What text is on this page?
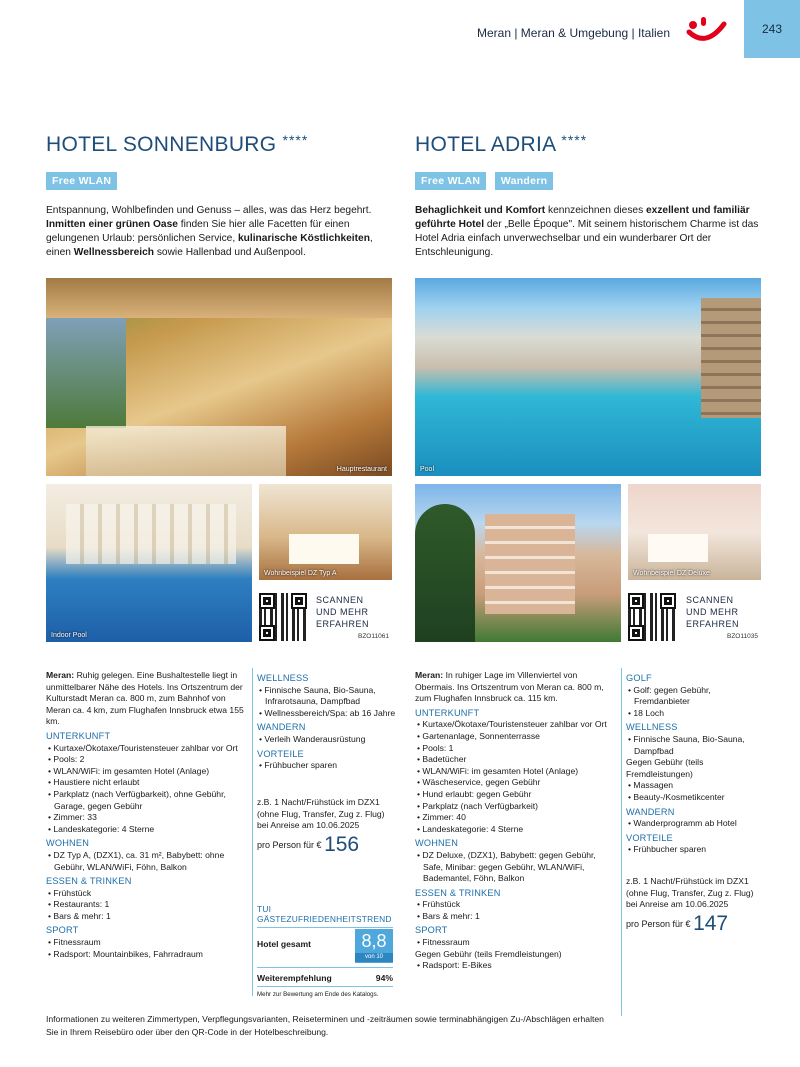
Meran | Meran & Umgebung | Italien	243
HOTEL SONNENBURG ****
Free WLAN
Entspannung, Wohlbefinden und Genuss – alles, was das Herz begehrt. Inmitten einer grünen Oase finden Sie hier alle Facetten für einen gelungenen Urlaub: persönlichen Service, kulinarische Köstlichkeiten, einen Wellnessbereich sowie Hallenbad und Außenpool.
Hauptrestaurant
Indoor Pool
Wohnbeispiel DZ Typ A
SCANNEN
UND MEHR
ERFAHREN
BZO11061
Meran: Ruhig gelegen. Eine Bushaltestelle liegt in unmittelbarer Nähe des Hotels. Ins Ortszentrum der Kulturstadt Meran ca. 800 m, zum Bahnhof von Meran ca. 4 km, zum Flughafen Innsbruck etwa 155 km.
UNTERKUNFT
• Kurtaxe/Ökotaxe/Touristensteuer zahlbar vor Ort
• Pools: 2
• WLAN/WiFi: im gesamten Hotel (Anlage)
• Haustiere nicht erlaubt
• Parkplatz (nach Verfügbarkeit), ohne Gebühr, Garage, gegen Gebühr
• Zimmer: 33
• Landeskategorie: 4 Sterne
WOHNEN
• DZ Typ A, (DZX1), ca. 31 m², Babybett: ohne Gebühr, WLAN/WiFi, Föhn, Balkon
ESSEN & TRINKEN
• Frühstück
• Restaurants: 1
• Bars & mehr: 1
SPORT
• Fitnessraum
• Radsport: Mountainbikes, Fahrradraum
WELLNESS
• Finnische Sauna, Bio-Sauna, Infrarotsauna, Dampfbad
• Wellnessbereich/Spa: ab 16 Jahre
WANDERN
• Verleih Wanderausrüstung
VORTEILE
• Frühbucher sparen
z.B. 1 Nacht/Frühstück im DZX1 (ohne Flug, Transfer, Zug z. Flug) bei Anreise am 10.06.2025
pro Person für € 156
TUI GÄSTEZUFRIEDENHEITSTREND
Hotel gesamt	8,8
von 10
Weiterempfehlung	94%
Mehr zur Bewertung am Ende des Katalogs.
HOTEL ADRIA ****
Free WLAN Wandern
Behaglichkeit und Komfort kennzeichnen dieses exzellent und familiär geführte Hotel der „Belle Époque". Mit seinem historischem Charme ist das Hotel Adria einfach unverwechselbar und ein wunderbarer Ort der Entschleunigung.
Pool
Wohnbeispiel DZ Deluxe
SCANNEN
UND MEHR
ERFAHREN
BZO11035
Meran: In ruhiger Lage im Villenviertel von Obermais. Ins Ortszentrum von Meran ca. 800 m, zum Flughafen Innsbruck ca. 115 km.
UNTERKUNFT
• Kurtaxe/Ökotaxe/Touristensteuer zahlbar vor Ort
• Gartenanlage, Sonnenterrasse
• Pools: 1
• Badetücher
• WLAN/WiFi: im gesamten Hotel (Anlage)
• Wäscheservice, gegen Gebühr
• Hund erlaubt: gegen Gebühr
• Parkplatz (nach Verfügbarkeit)
• Zimmer: 40
• Landeskategorie: 4 Sterne
WOHNEN
• DZ Deluxe, (DZX1), Babybett: gegen Gebühr, Safe, Minibar: gegen Gebühr, WLAN/WiFi, Bademantel, Föhn, Balkon
ESSEN & TRINKEN
• Frühstück
• Bars & mehr: 1
SPORT
• Fitnessraum
Gegen Gebühr (teils Fremdleistungen)
• Radsport: E-Bikes
GOLF
• Golf: gegen Gebühr, Fremdanbieter
• 18 Loch
WELLNESS
• Finnische Sauna, Bio-Sauna, Dampfbad
Gegen Gebühr (teils Fremdleistungen)
• Massagen
• Beauty-/Kosmetikcenter
WANDERN
• Wanderprogramm ab Hotel
VORTEILE
• Frühbucher sparen
z.B. 1 Nacht/Frühstück im DZX1 (ohne Flug, Transfer, Zug z. Flug) bei Anreise am 10.06.2025
pro Person für € 147
Informationen zu weiteren Zimmertypen, Verpflegungsvarianten, Reiseterminen und -zeiträumen sowie terminabhängigen Zu-/Abschlägen erhalten Sie in Ihrem Reisebüro oder über den QR-Code in der Hotelbeschreibung.
